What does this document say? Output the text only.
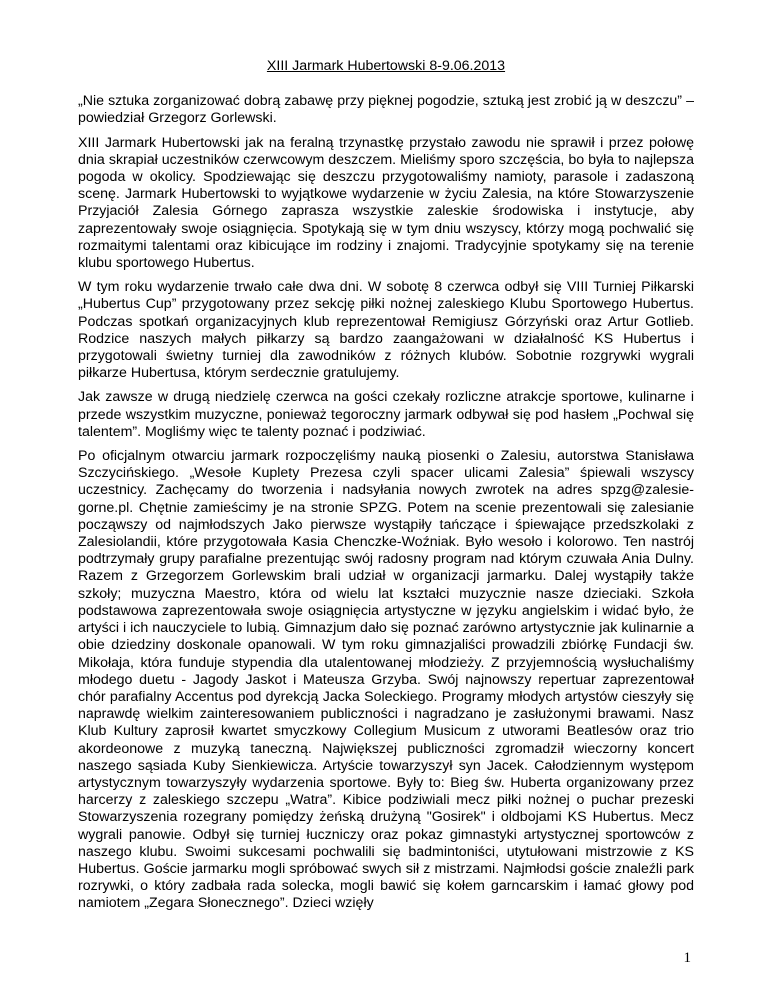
XIII Jarmark Hubertowski 8-9.06.2013

„Nie sztuka zorganizować dobrą zabawę przy pięknej pogodzie, sztuką jest zrobić ją w deszczu” – powiedział Grzegorz Gorlewski.

XIII Jarmark Hubertowski jak na feralną trzynastkę przystało zawodu nie sprawił i przez połowę dnia skrapiał uczestników czerwcowym deszczem. Mieliśmy sporo szczęścia, bo była to najlepsza pogoda w okolicy. Spodziewając się deszczu przygotowaliśmy namioty, parasole i zadaszoną scenę. Jarmark Hubertowski to wyjątkowe wydarzenie w życiu Zalesia, na które Stowarzyszenie Przyjaciół Zalesia Górnego zaprasza wszystkie zaleskie środowiska i instytucje, aby zaprezentowały swoje osiągnięcia. Spotykają się w tym dniu wszyscy, którzy mogą pochwalić się rozmaitymi talentami oraz kibicujące im rodziny i znajomi. Tradycyjnie spotykamy się na terenie klubu sportowego Hubertus.

W tym roku wydarzenie trwało całe dwa dni. W sobotę 8 czerwca odbył się VIII Turniej Piłkarski „Hubertus Cup” przygotowany przez sekcję piłki nożnej zaleskiego Klubu Sportowego Hubertus. Podczas spotkań organizacyjnych klub reprezentował Remigiusz Górzyński oraz Artur Gotlieb. Rodzice naszych małych piłkarzy są bardzo zaangażowani w działalność KS Hubertus i przygotowali świetny turniej dla zawodników z różnych klubów. Sobotnie rozgrywki wygrali piłkarze Hubertusa, którym serdecznie gratulujemy.

Jak zawsze w drugą niedzielę czerwca na gości czekały rozliczne atrakcje sportowe, kulinarne i przede wszystkim muzyczne, ponieważ tegoroczny jarmark odbywał się pod hasłem „Pochwal się talentem”. Mogliśmy więc te talenty poznać i podziwiać.

Po oficjalnym otwarciu jarmark rozpoczęliśmy nauką piosenki o Zalesiu, autorstwa Stanisława Szczycińskiego. „Wesołe Kuplety Prezesa czyli spacer ulicami Zalesia” śpiewali wszyscy uczestnicy. Zachęcamy do tworzenia i nadsyłania nowych zwrotek na adres spzg@zalesie-gorne.pl. Chętnie zamieścimy je na stronie SPZG. Potem na scenie prezentowali się zalesianie począwszy od najmłodszych Jako pierwsze wystąpiły tańczące i śpiewające przedszkolaki z Zalesiolandii, które przygotowała Kasia Chenczke-Woźniak. Było wesoło i kolorowo. Ten nastrój podtrzymały grupy parafialne prezentując swój radosny program nad którym czuwała Ania Dulny. Razem z Grzegorzem Gorlewskim brali udział w organizacji jarmarku. Dalej wystąpiły także szkoły; muzyczna Maestro, która od wielu lat kształci muzycznie nasze dzieciaki. Szkoła podstawowa zaprezentowała swoje osiągnięcia artystyczne w języku angielskim i widać było, że artyści i ich nauczyciele to lubią. Gimnazjum dało się poznać zarówno artystycznie jak kulinarnie a obie dziedziny doskonale opanowali. W tym roku gimnazjaliści prowadzili zbiórkę Fundacji św. Mikołaja, która funduje stypendia dla utalentowanej młodzieży. Z przyjemnością wysłuchaliśmy młodego duetu - Jagody Jaskot i Mateusza Grzyba. Swój najnowszy repertuar zaprezentował chór parafialny Accentus pod dyrekcją Jacka Soleckiego. Programy młodych artystów cieszyły się naprawdę wielkim zainteresowaniem publiczności i nagradzano je zasłużonymi brawami. Nasz Klub Kultury zaprosił kwartet smyczkowy Collegium Musicum z utworami Beatlesów oraz trio akordeonowe z muzyką taneczną. Największej publiczności zgromadził wieczorny koncert naszego sąsiada Kuby Sienkiewicza. Artyście towarzyszył syn Jacek. Całodziennym występom artystycznym towarzyszyły wydarzenia sportowe. Były to: Bieg św. Huberta organizowany przez harcerzy z zaleskiego szczepu „Watra”. Kibice podziwiali mecz piłki nożnej o puchar prezeski Stowarzyszenia rozegrany pomiędzy żeńską drużyną "Gosirek" i oldbojami KS Hubertus. Mecz wygrali panowie. Odbył się turniej łuczniczy oraz pokaz gimnastyki artystycznej sportowców z naszego klubu. Swoimi sukcesami pochwalili się badmintoniści, utytułowani mistrzowie z KS Hubertus. Goście jarmarku mogli spróbować swych sił z mistrzami. Najmłodsi goście znaleźli park rozrywki, o który zadbała rada solecka, mogli bawić się kołem garncarskim i łamać głowy pod namiotem „Zegara Słonecznego”. Dzieci wzięły

1
